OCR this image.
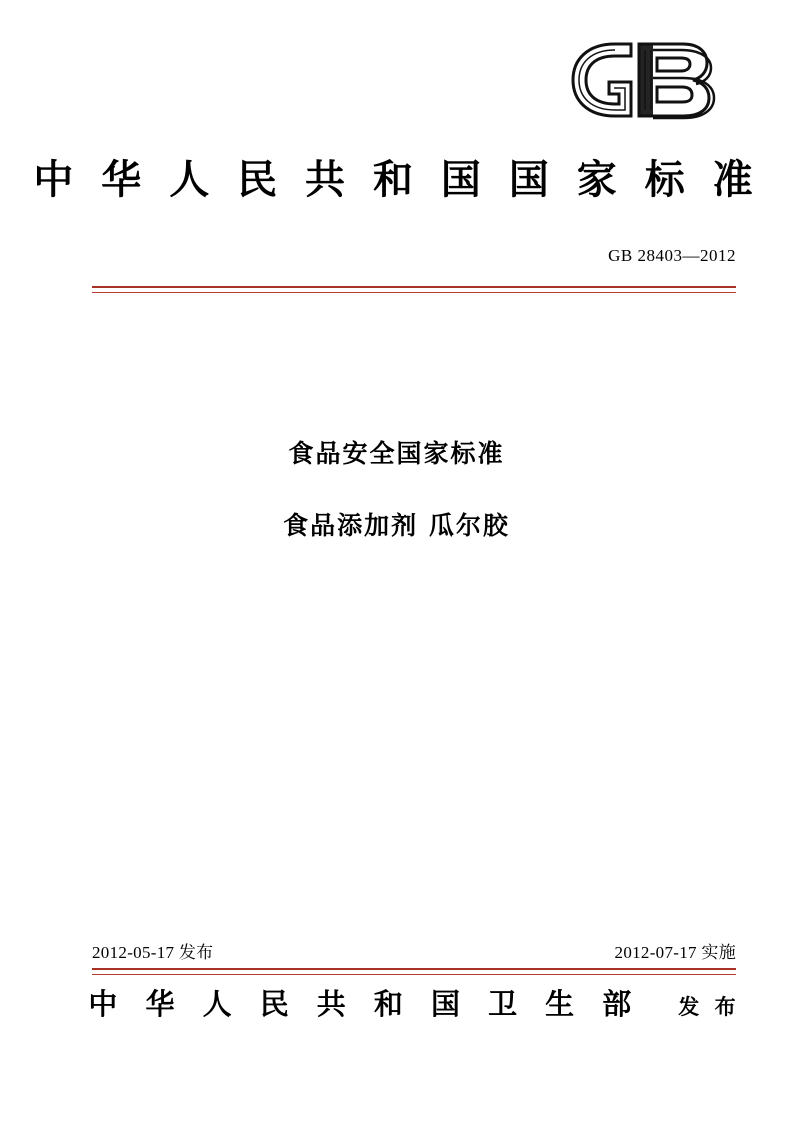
中 华 人 民 共 和 国 国 家 标 准
GB 28403—2012
食品安全国家标准
食品添加剂 瓜尔胶
2012-05-17 发布	2012-07-17 实施
中 华 人 民 共 和 国 卫 生 部 发 布
